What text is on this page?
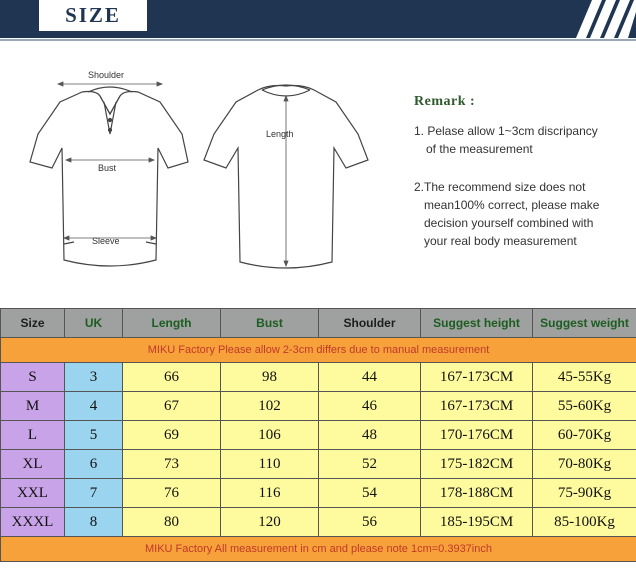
SIZE
Shoulder
Bust
Sleeve
Length
Remark :
1. Pelase allow 1~3cm discripancy
of the measurement
2.The recommend size does not
mean100% correct, please make
decision yourself combined with
your real body measurement
Size	UK	Length	Bust	Shoulder	Suggest height	Suggest weight
MIKU Factory Please allow 2-3cm differs due to manual measurement						
S	3	66	98	44	167-173CM	45-55Kg
M	4	67	102	46	167-173CM	55-60Kg
L	5	69	106	48	170-176CM	60-70Kg
XL	6	73	110	52	175-182CM	70-80Kg
XXL	7	76	116	54	178-188CM	75-90Kg
XXXL	8	80	120	56	185-195CM	85-100Kg
MIKU Factory All measurement in cm and please note 1cm=0.3937inch						
